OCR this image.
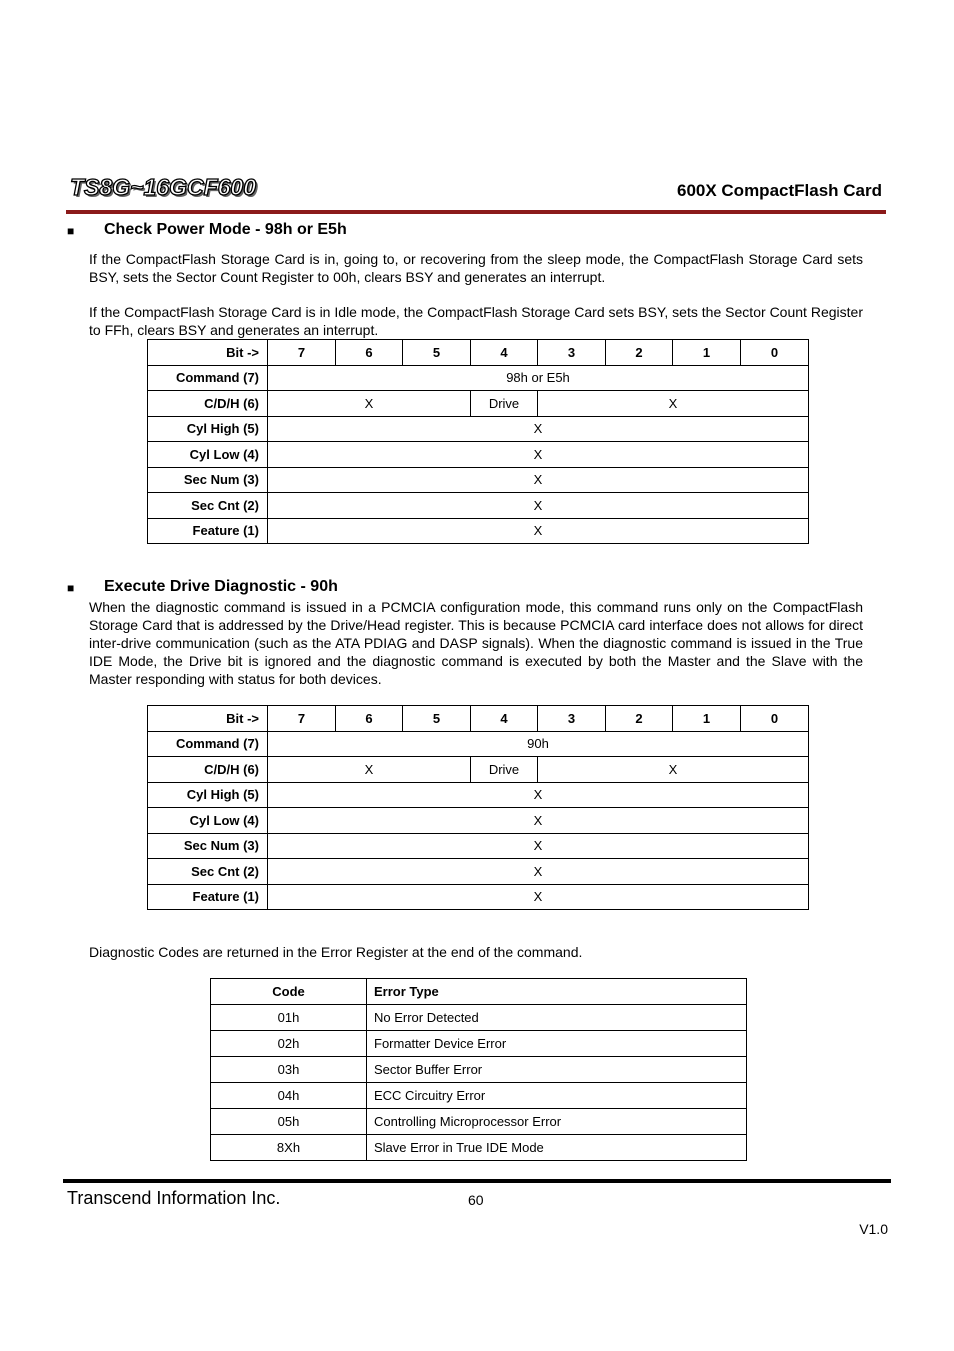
TS8G~16GCF600	600X CompactFlash Card
■ Check Power Mode - 98h or E5h
If the CompactFlash Storage Card is in, going to, or recovering from the sleep mode, the CompactFlash Storage Card sets BSY, sets the Sector Count Register to 00h, clears BSY and generates an interrupt.
If the CompactFlash Storage Card is in Idle mode, the CompactFlash Storage Card sets BSY, sets the Sector Count Register to FFh, clears BSY and generates an interrupt.
Bit ->	7	6	5	4	3	2	1	0
Command (7)	98h or E5h							
C/D/H (6)	X			Drive	X			
Cyl High (5)	X							
Cyl Low (4)	X							
Sec Num (3)	X							
Sec Cnt (2)	X							
Feature (1)	X							
■ Execute Drive Diagnostic - 90h
When the diagnostic command is issued in a PCMCIA configuration mode, this command runs only on the CompactFlash Storage Card that is addressed by the Drive/Head register. This is because PCMCIA card interface does not allows for direct inter-drive communication (such as the ATA PDIAG and DASP signals). When the diagnostic command is issued in the True IDE Mode, the Drive bit is ignored and the diagnostic command is executed by both the Master and the Slave with the Master responding with status for both devices.
Bit ->	7	6	5	4	3	2	1	0
Command (7)	90h							
C/D/H (6)	X			Drive	X			
Cyl High (5)	X							
Cyl Low (4)	X							
Sec Num (3)	X							
Sec Cnt (2)	X							
Feature (1)	X							
Diagnostic Codes are returned in the Error Register at the end of the command.
Code	Error Type
01h	No Error Detected
02h	Formatter Device Error
03h	Sector Buffer Error
04h	ECC Circuitry Error
05h	Controlling Microprocessor Error
8Xh	Slave Error in True IDE Mode
Transcend Information Inc.	60
V1.0
